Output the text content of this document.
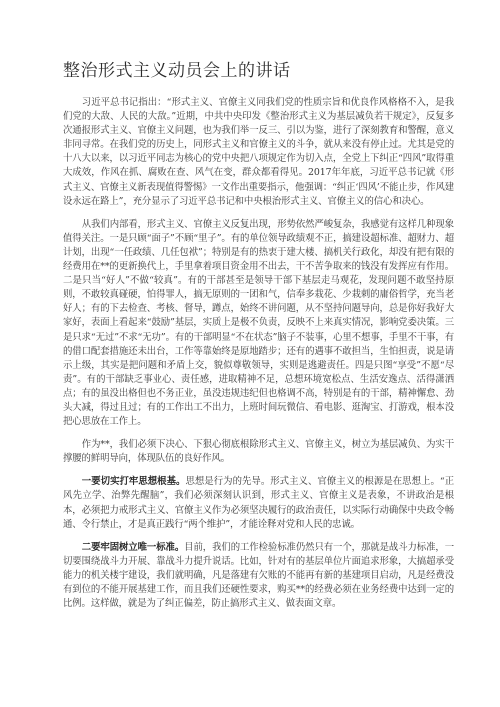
整治形式主义动员会上的讲话

习近平总书记指出：“形式主义、官僚主义同我们党的性质宗旨和优良作风格格不入，是我们党的大敌、人民的大敌。”近期，中共中央印发《整治形式主义为基层减负若干规定》，反复多次通报形式主义、官僚主义问题，也为我们举一反三、引以为鉴，进行了深刻教育和警醒，意义非同寻常。在我们党的历史上，同形式主义和官僚主义的斗争，就从来没有停止过。尤其是党的十八大以来，以习近平同志为核心的党中央把八项规定作为切入点，全党上下纠正“四风”取得重大成效，作风在抓、腐败在查、风气在变，群众都看得见。2017年年底，习近平总书记就《形式主义、官僚主义新表现值得警惕》一文作出重要指示，他强调：“纠正‘四风’不能止步，作风建设永远在路上”，充分显示了习近平总书记和中央根治形式主义、官僚主义的信心和决心。

从我们内部看，形式主义、官僚主义反复出现，形势依然严峻复杂，我感觉有这样几种现象值得关注。一是只顾“面子”不顾“里子”。有的单位领导政绩观不正，搞建设超标准、超财力、超计划，出现“一任政绩、几任包袱”；特别是有的热衷于建大楼、搞机关行政化，却没有把有限的经费用在**的更新换代上，手里拿着项目资金用不出去，干不苦争取来的钱没有发挥应有作用。二是只当“好人”不做“较真”。有的干部甚至是领导干部下基层走马观花，发现问题不敢坚持原则，不敢较真碰硬，怕得罪人，搞无原则的一团和气，信奉多栽花、少栽刺的庸俗哲学，充当老好人；有的下去检查、考核、督导，蹲点，始终不讲问题，从不坚持问题导向，总是你好我好大家好，表面上看起来“鼓励”基层，实质上是极不负责，反映不上来真实情况，影响党委决策。三是只求“无过”不求“无功”。有的干部明显“不在状态”脑子不装事，心里不想事，手里不干事，有的借口配套措施还未出台，工作等靠始终是原地踏步；还有的遇事不敢担当，生怕担责，说是请示上级，其实是把问题和矛盾上交，貌似尊敬领导，实则是逃避责任。四是只图“享受”不愿“尽责”。有的干部缺乏事业心、责任感，进取精神不足，总想环境宽松点、生活安逸点、活得潇洒点；有的虽没出格但也不务正业，虽没违规违纪但也格调不高，特别是有的干部，精神懈怠、劲头大减，得过且过；有的工作出工不出力，上班时间玩微信、看电影、逛淘宝、打游戏，根本没把心思放在工作上。

作为**，我们必须下决心、下狠心彻底根除形式主义、官僚主义，树立为基层减负、为实干撑腰的鲜明导向，体现队伍的良好作风。

一要切实打牢思想根基。思想是行为的先导。形式主义、官僚主义的根源是在思想上。“正风先立学、治弊先醒脑”，我们必须深刻认识到，形式主义、官僚主义是表象，不讲政治是根本，必须把力戒形式主义、官僚主义作为必须坚决履行的政治责任，以实际行动确保中央政令畅通、令行禁止，才是真正践行“两个维护”，才能诠释对党和人民的忠诚。

二要牢固树立唯一标准。目前，我们的工作检验标准仍然只有一个，那就是战斗力标准，一切要围绕战斗力开展、靠战斗力提升说话。比如，针对有的基层单位片面追求形象，大搞超承受能力的机关楼宇建设，我们就明确，凡是落建有欠账的不能再有新的基建项目启动，凡是经费没有到位的不能开展基建工作，而且我们还硬性要求，购买**的经费必须在业务经费中达到一定的比例。这样做，就是为了纠正偏差，防止搞形式主义、做表面文章。
